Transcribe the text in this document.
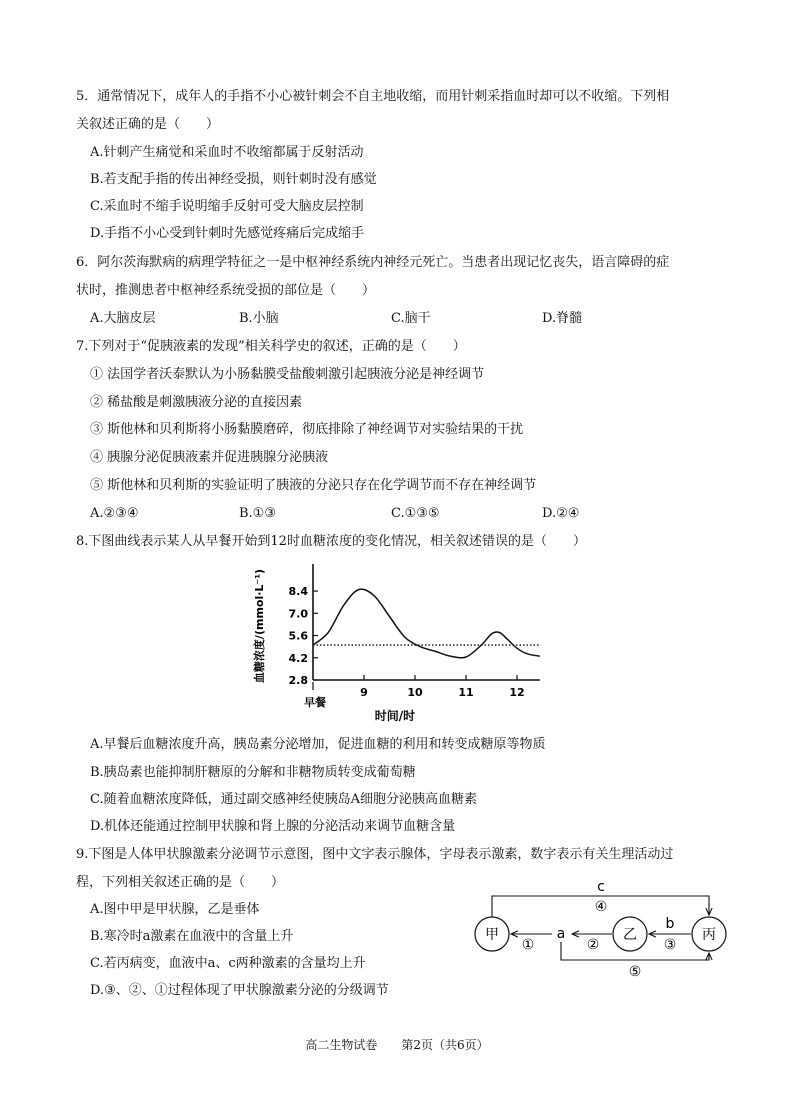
5．通常情况下，成年人的手指不小心被针刺会不自主地收缩，而用针刺采指血时却可以不收缩。下列相
关叙述正确的是（　　）
A.针刺产生痛觉和采血时不收缩都属于反射活动
B.若支配手指的传出神经受损，则针刺时没有感觉
C.采血时不缩手说明缩手反射可受大脑皮层控制
D.手指不小心受到针刺时先感觉疼痛后完成缩手
6．阿尔茨海默病的病理学特征之一是中枢神经系统内神经元死亡。当患者出现记忆丧失，语言障碍的症
状时，推测患者中枢神经系统受损的部位是（　　）
A.大脑皮层	B.小脑	C.脑干	D.脊髓
7.下列对于“促胰液素的发现”相关科学史的叙述，正确的是（　　）
① 法国学者沃泰默认为小肠黏膜受盐酸刺激引起胰液分泌是神经调节
② 稀盐酸是刺激胰液分泌的直接因素
③ 斯他林和贝利斯将小肠黏膜磨碎，彻底排除了神经调节对实验结果的干扰
④ 胰腺分泌促胰液素并促进胰腺分泌胰液
⑤ 斯他林和贝利斯的实验证明了胰液的分泌只存在化学调节而不存在神经调节
A.②③④	B.①③	C.①③⑤	D.②④
8.下图曲线表示某人从早餐开始到12时血糖浓度的变化情况，相关叙述错误的是（　　）
8.4
7.0
5.6
4.2
2.8
9	10	11	12
早餐
时间/时
血糖浓度/(mmol·L⁻¹)
A.早餐后血糖浓度升高，胰岛素分泌增加，促进血糖的利用和转变成糖原等物质
B.胰岛素也能抑制肝糖原的分解和非糖物质转变成葡萄糖
C.随着血糖浓度降低，通过副交感神经使胰岛A细胞分泌胰高血糖素
D.机体还能通过控制甲状腺和肾上腺的分泌活动来调节血糖含量
9.下图是人体甲状腺激素分泌调节示意图，图中文字表示腺体，字母表示激素，数字表示有关生理活动过
程，下列相关叙述正确的是（　　）
A.图中甲是甲状腺，乙是垂体
B.寒冷时a激素在血液中的含量上升
C.若丙病变，血液中a、c两种激素的含量均上升
D.③、②、①过程体现了甲状腺激素分泌的分级调节
甲	乙	丙
c
④
①
a
②
b
③
⑤
高二生物试卷　　第2页（共6页）
